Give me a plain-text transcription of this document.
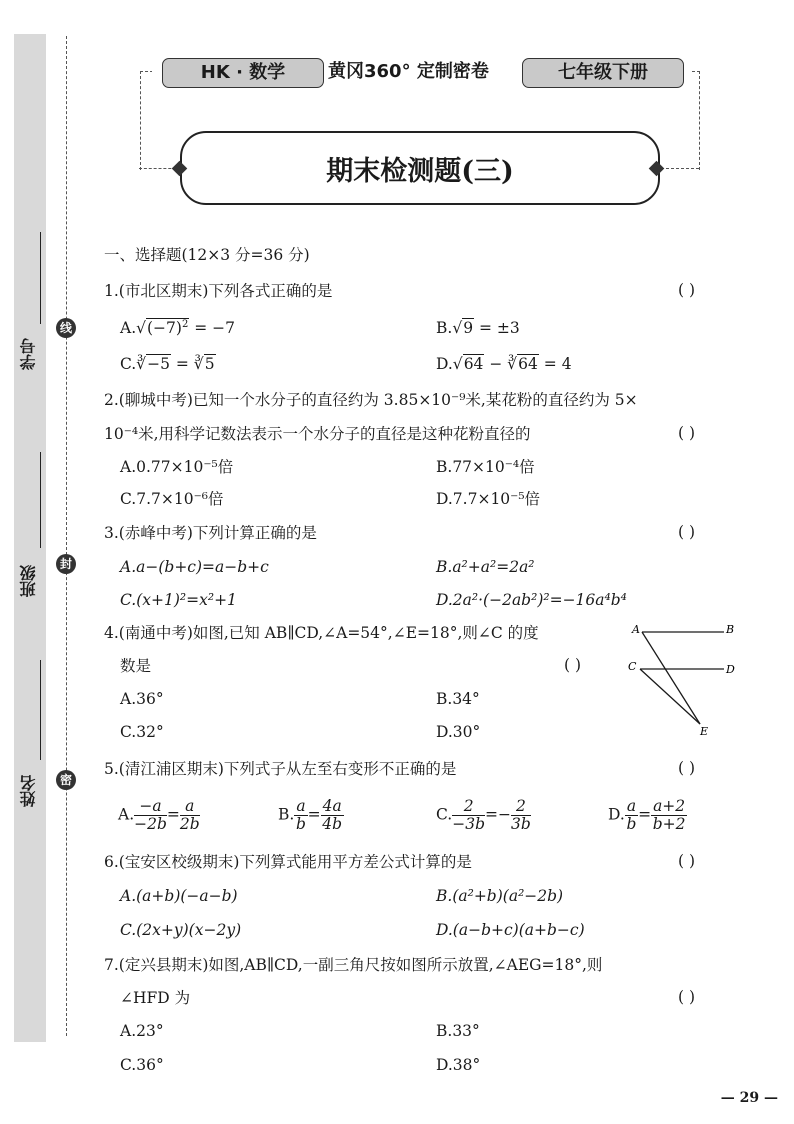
学号
班级
姓名
线
封
密
HK · 数学	黄冈360° 定制密卷	七年级下册
期末检测题(三)
一、选择题(12×3 分=36 分)
1.(市北区期末)下列各式正确的是	( )
$A.√(-7)^2 = -7$	B.√9 = ±3
C.∛−5 = ∛5	D.√64 − ∛64 = 4
2.(聊城中考)已知一个水分子的直径约为 3.85×10⁻⁹米,某花粉的直径约为 5×
10⁻⁴米,用科学记数法表示一个水分子的直径是这种花粉直径的	( )
A.0.77×10⁻⁵倍	B.77×10⁻⁴倍
C.7.7×10⁻⁶倍	D.7.7×10⁻⁵倍
3.(赤峰中考)下列计算正确的是	( )
A.a−(b+c)=a−b+c	B.a²+a²=2a²
C.(x+1)²=x²+1	D.2a²·(−2ab²)²=−16a⁴b⁴
4.(南通中考)如图,已知 AB∥CD,∠A=54°,∠E=18°,则∠C 的度
数是	( )
A.36°	B.34°
C.32°	D.30°
A	B
C	D
E
5.(清江浦区期末)下列式子从左至右变形不正确的是	( )
A. $\frac{-a}{-2b} = \frac{a}{2b}$	B. $\frac{a}{b} = \frac{4a}{4b}$	C. $\frac{2}{-3b} =- \frac{2}{3b}$	D. $\frac{a}{b} = \frac{a+2}{b+2}$
6.(宝安区校级期末)下列算式能用平方差公式计算的是	( )
A.(a+b)(−a−b)	B.(a²+b)(a²−2b)
C.(2x+y)(x−2y)	D.(a−b+c)(a+b−c)
7.(定兴县期末)如图,AB∥CD,一副三角尺按如图所示放置,∠AEG=18°,则
∠HFD 为	( )
A.23°	B.33°
C.36°	D.38°
— 29 —
